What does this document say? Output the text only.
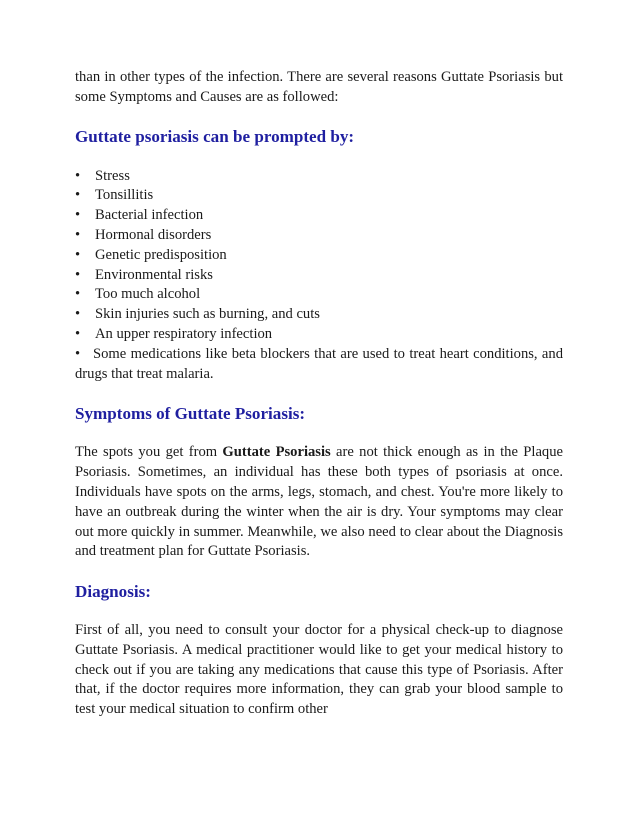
than in other types of the infection. There are several reasons Guttate Psoriasis but some Symptoms and Causes are as followed:

Guttate psoriasis can be prompted by:
•	Stress
•	Tonsillitis
•	Bacterial infection
•	Hormonal disorders
•	Genetic predisposition
•	Environmental risks
•	Too much alcohol
•	Skin injuries such as burning, and cuts
•	An upper respiratory infection
• Some medications like beta blockers that are used to treat heart conditions, and drugs that treat malaria.
Symptoms of Guttate Psoriasis:

The spots you get from Guttate Psoriasis are not thick enough as in the Plaque Psoriasis. Sometimes, an individual has these both types of psoriasis at once. Individuals have spots on the arms, legs, stomach, and chest. You're more likely to have an outbreak during the winter when the air is dry. Your symptoms may clear out more quickly in summer. Meanwhile, we also need to clear about the Diagnosis and treatment plan for Guttate Psoriasis.

Diagnosis:

First of all, you need to consult your doctor for a physical check-up to diagnose Guttate Psoriasis. A medical practitioner would like to get your medical history to check out if you are taking any medications that cause this type of Psoriasis. After that, if the doctor requires more information, they can grab your blood sample to test your medical situation to confirm other
